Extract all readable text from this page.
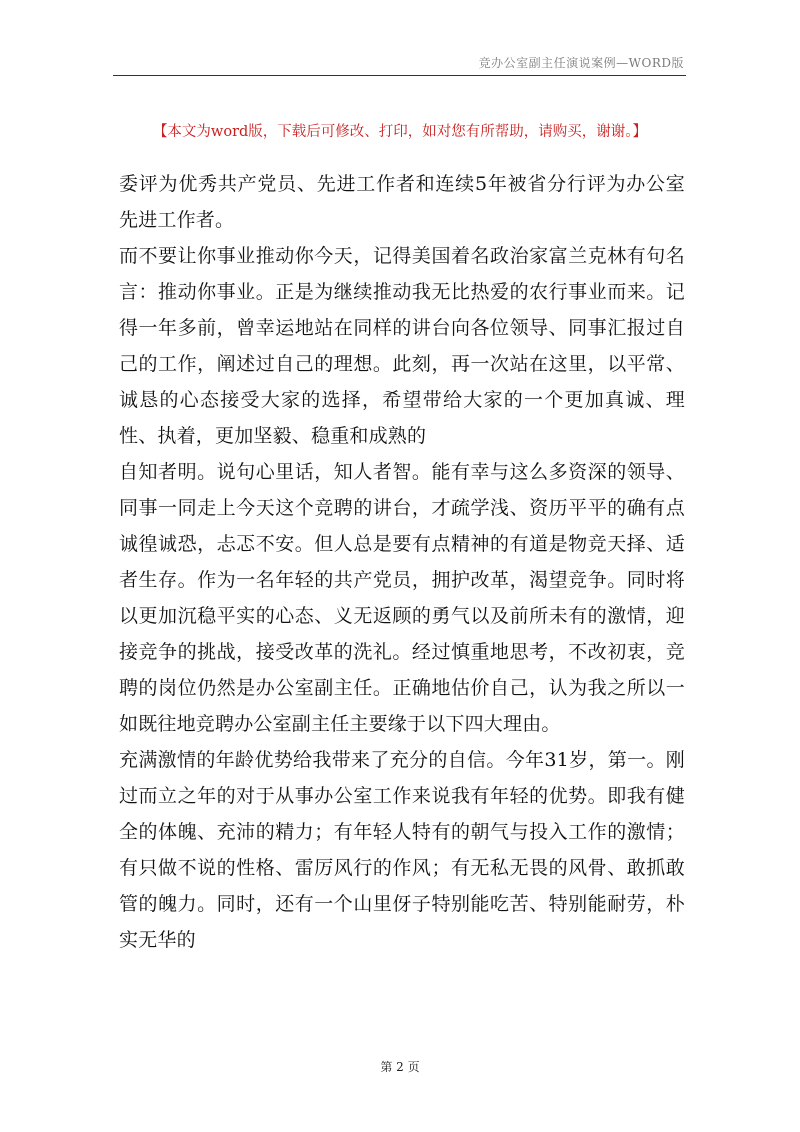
竞办公室副主任演说案例—WORD版
【本文为word版，下载后可修改、打印，如对您有所帮助，请购买，谢谢。】

委评为优秀共产党员、先进工作者和连续5年被省分行评为办公室先进工作者。

而不要让你事业推动你今天，记得美国着名政治家富兰克林有句名言：推动你事业。正是为继续推动我无比热爱的农行事业而来。记得一年多前，曾幸运地站在同样的讲台向各位领导、同事汇报过自己的工作，阐述过自己的理想。此刻，再一次站在这里，以平常、诚恳的心态接受大家的选择，希望带给大家的一个更加真诚、理性、执着，更加坚毅、稳重和成熟的

自知者明。说句心里话，知人者智。能有幸与这么多资深的领导、同事一同走上今天这个竞聘的讲台，才疏学浅、资历平平的确有点诚徨诚恐，忐忑不安。但人总是要有点精神的有道是物竞天择、适者生存。作为一名年轻的共产党员，拥护改革，渴望竞争。同时将以更加沉稳平实的心态、义无返顾的勇气以及前所未有的激情，迎接竞争的挑战，接受改革的洗礼。经过慎重地思考，不改初衷，竞聘的岗位仍然是办公室副主任。正确地估价自己，认为我之所以一如既往地竞聘办公室副主任主要缘于以下四大理由。

充满激情的年龄优势给我带来了充分的自信。今年31岁，第一。刚过而立之年的对于从事办公室工作来说我有年轻的优势。即我有健全的体魄、充沛的精力；有年轻人特有的朝气与投入工作的激情；有只做不说的性格、雷厉风行的作风；有无私无畏的风骨、敢抓敢管的魄力。同时，还有一个山里伢子特别能吃苦、特别能耐劳，朴实无华的

第 2 页
